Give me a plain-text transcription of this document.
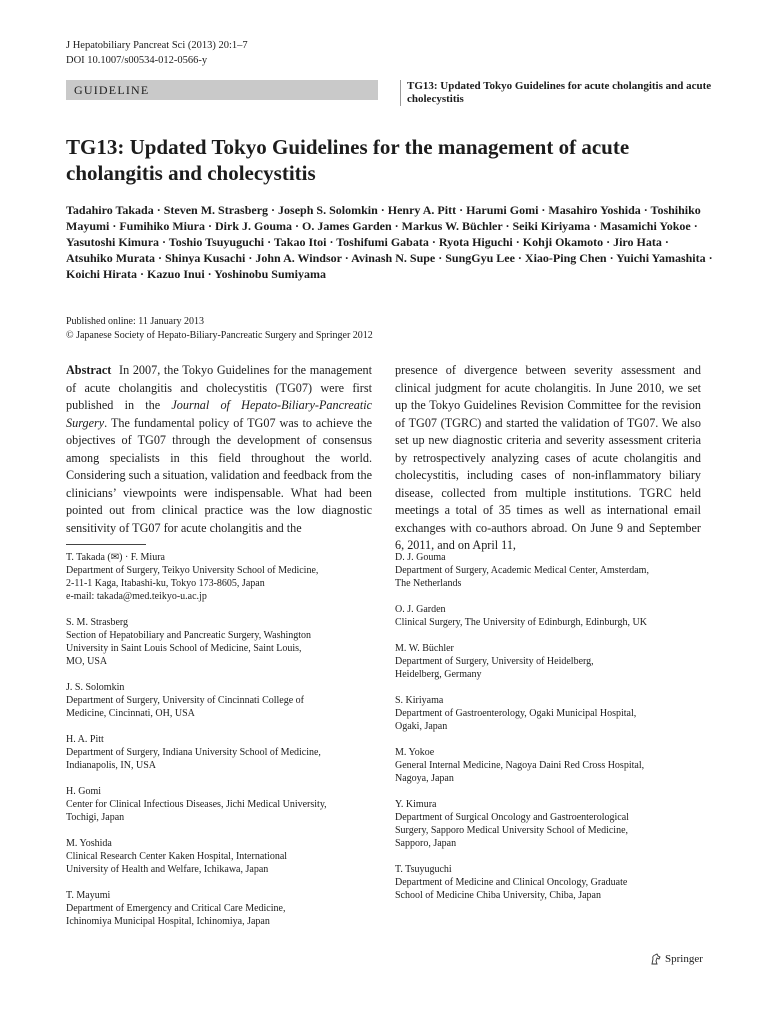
J Hepatobiliary Pancreat Sci (2013) 20:1–7
DOI 10.1007/s00534-012-0566-y
GUIDELINE	TG13: Updated Tokyo Guidelines for acute cholangitis and acute cholecystitis
TG13: Updated Tokyo Guidelines for the management of acute cholangitis and cholecystitis
Tadahiro Takada · Steven M. Strasberg · Joseph S. Solomkin · Henry A. Pitt · Harumi Gomi · Masahiro Yoshida · Toshihiko Mayumi · Fumihiko Miura · Dirk J. Gouma · O. James Garden · Markus W. Büchler · Seiki Kiriyama · Masamichi Yokoe · Yasutoshi Kimura · Toshio Tsuyuguchi · Takao Itoi · Toshifumi Gabata · Ryota Higuchi · Kohji Okamoto · Jiro Hata · Atsuhiko Murata · Shinya Kusachi · John A. Windsor · Avinash N. Supe · SungGyu Lee · Xiao-Ping Chen · Yuichi Yamashita · Koichi Hirata · Kazuo Inui · Yoshinobu Sumiyama
Published online: 11 January 2013
© Japanese Society of Hepato-Biliary-Pancreatic Surgery and Springer 2012
Abstract In 2007, the Tokyo Guidelines for the management of acute cholangitis and cholecystitis (TG07) were first published in the Journal of Hepato-Biliary-Pancreatic Surgery. The fundamental policy of TG07 was to achieve the objectives of TG07 through the development of consensus among specialists in this field throughout the world. Considering such a situation, validation and feedback from the clinicians’ viewpoints were indispensable. What had been pointed out from clinical practice was the low diagnostic sensitivity of TG07 for acute cholangitis and the
presence of divergence between severity assessment and clinical judgment for acute cholangitis. In June 2010, we set up the Tokyo Guidelines Revision Committee for the revision of TG07 (TGRC) and started the validation of TG07. We also set up new diagnostic criteria and severity assessment criteria by retrospectively analyzing cases of acute cholangitis and cholecystitis, including cases of non-inflammatory biliary disease, collected from multiple institutions. TGRC held meetings a total of 35 times as well as international email exchanges with co-authors abroad. On June 9 and September 6, 2011, and on April 11,
T. Takada (✉) · F. Miura
Department of Surgery, Teikyo University School of Medicine,
2-11-1 Kaga, Itabashi-ku, Tokyo 173-8605, Japan
e-mail: takada@med.teikyo-u.ac.jp
S. M. Strasberg
Section of Hepatobiliary and Pancreatic Surgery, Washington
University in Saint Louis School of Medicine, Saint Louis,
MO, USA
J. S. Solomkin
Department of Surgery, University of Cincinnati College of
Medicine, Cincinnati, OH, USA
H. A. Pitt
Department of Surgery, Indiana University School of Medicine,
Indianapolis, IN, USA
H. Gomi
Center for Clinical Infectious Diseases, Jichi Medical University,
Tochigi, Japan
M. Yoshida
Clinical Research Center Kaken Hospital, International
University of Health and Welfare, Ichikawa, Japan
T. Mayumi
Department of Emergency and Critical Care Medicine,
Ichinomiya Municipal Hospital, Ichinomiya, Japan
D. J. Gouma
Department of Surgery, Academic Medical Center, Amsterdam,
The Netherlands
O. J. Garden
Clinical Surgery, The University of Edinburgh, Edinburgh, UK
M. W. Büchler
Department of Surgery, University of Heidelberg,
Heidelberg, Germany
S. Kiriyama
Department of Gastroenterology, Ogaki Municipal Hospital,
Ogaki, Japan
M. Yokoe
General Internal Medicine, Nagoya Daini Red Cross Hospital,
Nagoya, Japan
Y. Kimura
Department of Surgical Oncology and Gastroenterological
Surgery, Sapporo Medical University School of Medicine,
Sapporo, Japan
T. Tsuyuguchi
Department of Medicine and Clinical Oncology, Graduate
School of Medicine Chiba University, Chiba, Japan
Springer
